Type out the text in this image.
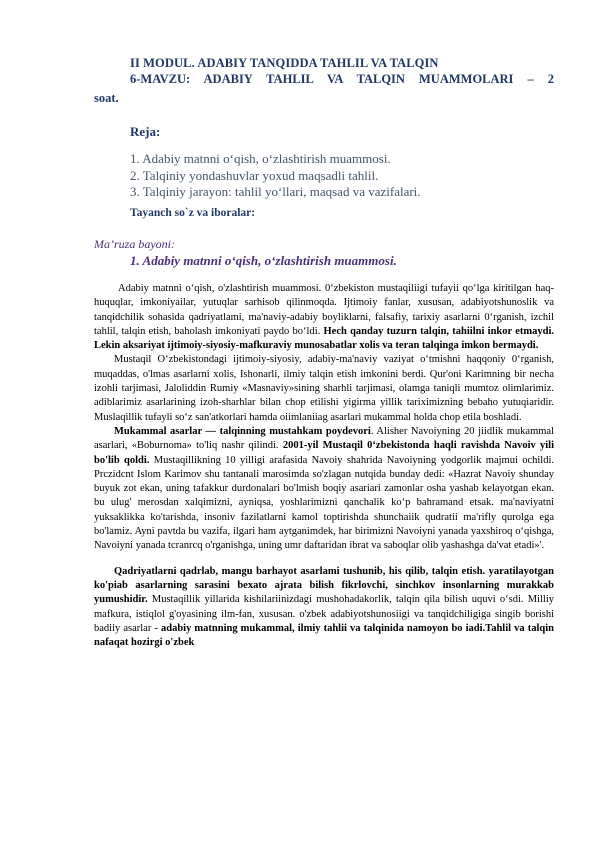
II MODUL. ADABIY TANQIDDA TAHLIL VA TALQIN
6-MAVZU: ADABIY TAHLIL VA TALQIN MUAMMOLARI – 2
soat.
Reja:
1. Adabiy matnni o‘qish, o‘zlashtirish muammosi.
2. Talqiniy yondashuvlar yoxud maqsadli tahlil.
3. Talqiniy jarayon: tahlil yo‘llari, maqsad va vazifalari.
Tayanch so`z va iboralar:
Ma’ruza bayoni:
1. Adabiy matnni o‘qish, o‘zlashtirish muammosi.

Adabiy matnni o‘qish, o'zlashtirish muammosi. 0‘zbekiston mustaqiliigi tufayii qo‘lga kiritilgan haq-huquqlar, imkoniyailar, yutuqlar sarhisob qilinmoqda. Ijtimoiy fanlar, xususan, adabiyotshunoslik va tanqidchilik sohasida qadriyatlami, ma'naviy-adabiy boyliklarni, falsafiy, tarixiy asarlarni 0‘rganish, izchil tahlil, talqin etish, baholash imkoniyati paydo bo‘ldi. Hech qanday tuzurn talqin, tahiilni inkor etmaydi. Lekin aksariyat ijtimoiy-siyosiy-mafkuraviy munosabatlar xolis va teran talqinga imkon bermaydi.

Mustaqil O‘zbekistondagi ijtimoiy-siyosiy, adabiy-ma'naviy vaziyat o‘tmishni haqqoniy 0‘rganish, muqaddas, o'lmas asarlarni xolis, Ishonarli, ilmiy talqin etish imkonini berdi. Qur'oni Karimning bir necha izohli tarjimasi, Jaloliddin Rumiy «Masnaviy»sining sharhli tarjimasi, olamga taniqli mumtoz olimlarimiz. adiblarimiz asarlarining izoh-sharhlar bilan chop etilishi yigirma yillik tariximizning bebaho yutuqiaridir. Muslaqillik tufayli so‘z san'atkorlari hamda oiimlaniiag asarlari mukammal holda chop etila boshladi.

Mukammal asarlar — talqinning mustahkam poydevori. Alisher Navoiyning 20 jiidlik mukammal asarlari, «Boburnoma» to'liq nashr qilindi. 2001-yil Mustaqil 0‘zbekistonda haqli ravishda Navoiv yili bo'lib qoldi. Mustaqillikning 10 yilligi arafasida Navoiy shahrida Navoiyning yodgorlik majmui ochildi. Prczidcnt Islom Karimov shu tantanali marosimda so'zlagan nutqida bunday dedi: «Hazrat Navoiy shunday buyuk zot ekan, uning tafakkur durdonalari bo'lmish boqiy asariari zamonlar osha yashab kelayotgan ekan. bu ulug' merosdan xalqimizni, ayniqsa, yoshlarimizni qanchalik ko‘p bahramand etsak. ma'naviyatni yuksaklikka ko'tarishda, insoniv fazilatlarni kamol toptirishda shunchaiik qudratii ma'rifly qurolga ega bo'lamiz. Ayni pavtda bu vazifa, ilgari ham aytganimdek, har birimizni Navoiyni yanada yaxshiroq o‘qishga, Navoiyni yanada tcranrcq o'rganishga, uning umr daftaridan ibrat va saboqlar olib yashashga da'vat etadi»'.

Qadriyatlarni qadrlab, mangu barhayot asarlami tushunib, his qilib, talqin etish. yaratilayotgan ko'piab asarlarning sarasini bexato ajrata bilish fikrlovchi, sinchkov insonlarning murakkab yumushidir. Mustaqillik yillarida kishilariinizdagi mushohadakorlik, talqin qila bilish uquvi o‘sdi. Milliy mafkura, istiqlol g'oyasining ilm-fan, xususan. o'zbek adabiyotshunosiigi va tanqidchiligiga singib borishi badiiy asarlar - adabiy matnning mukammal, ilmiy tahlii va talqinida namoyon bo iadi.Tahlil va talqin nafaqat hozirgi o'zbek
